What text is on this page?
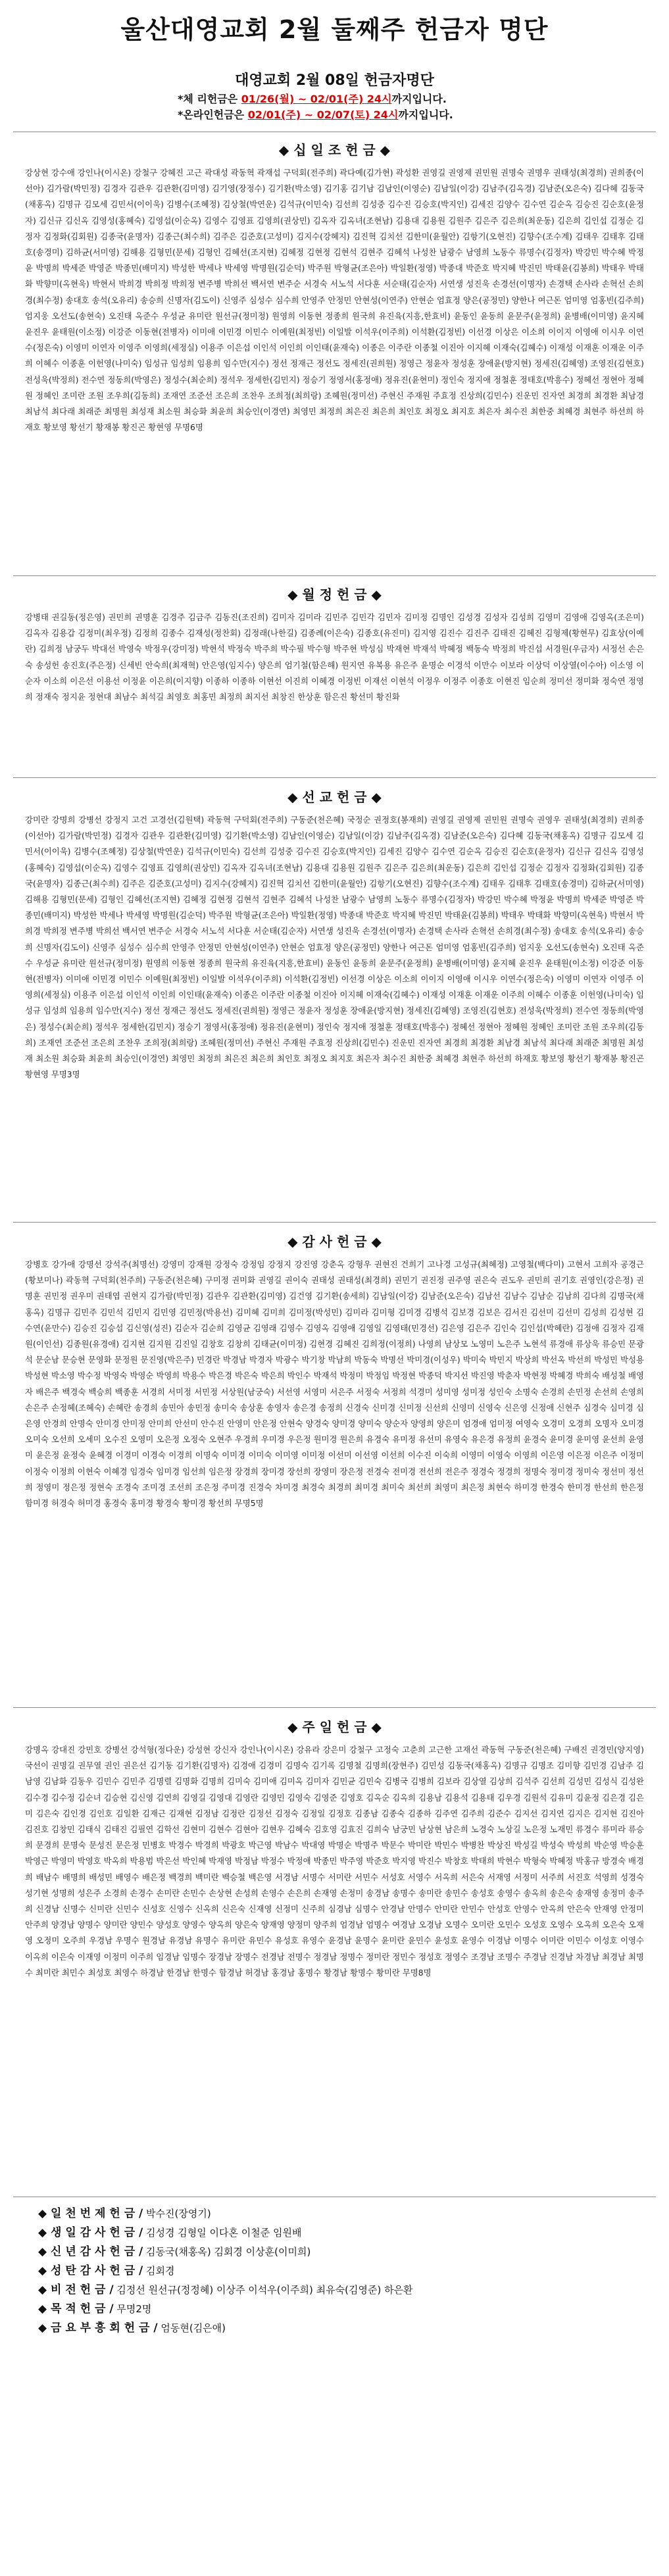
울산대영교회 2월 둘째주 헌금자 명단
대영교회 2월 08일 헌금자명단
*체 리헌금은 01/26(월) ~ 02/01(주) 24시까지입니다.
*온라인헌금은 02/01(주) ~ 02/07(토) 24시까지입니다.
◆ 십 일 조 헌 금 ◆
강상현 강수애 강인나(이시온) 강철구 강혜진 고근 곽대성 곽동혁 곽재섭 구덕회(전주희) 곽다예(김가현) 곽성환 권영길 권영제 권민원 권명숙 권명우 권태성(최경희) 권희종(이선아) 김가람(박민정) 김경자 김관우 김관환(김미영) 김기영(장정수) 김기환(박소영) 김기홍 김기남 김남인(이영순) 김남일(이강) 김남주(김옥경) 김남준(오은숙) 김다혜 김동국(채홍옥) 김명규 김모세 김민서(이이욱) 김병수(조혜정) 김상철(박연운) 김석규(이민숙) 김선희 김성중 김수진 김승호(박지인) 김세진 김양수 김수연 김순옥 김승진 김순호(윤정자) 김신규 김신옥 김영성(홍혜숙) 김영섭(이순옥) 김영수 김영표 김영희(권상민) 김옥자 김옥녀(조현남) 김용대 김용원 김원주 김은주 김은희(최운동) 김은희 김인섭 김정순 김정자 김정화(김회원) 김종국(윤명자) 김종근(최수희) 김주은 김준호(고성미) 김지수(강혜지) 김진혁 김치선 김한미(윤월안) 김항기(오현진) 김향수(조수계) 김태우 김태후 김태호(송경미) 김하균(서미영) 김해용 김형민(문세) 김형인 김혜선(조지현) 김혜정 김현정 김현석 김현주 김혜석 나성찬 남광수 남영희 노동수 류명수(김정자) 박강민 박수혜 박정윤 박명희 박세준 박영준 박종민(배미지) 박성한 박세나 박세영 박명원(김순덕) 박주원 박형균(조은아) 박일환(정영) 박종대 박준호 박지혜 박진민 박태윤(김봉희) 박태우 박태화 박향미(옥현욱) 박현서 박희경 박희정 박희정 변주병 박희선 백서연 변주순 서경숙 서노석 서다훈 서순태(김순자) 서연생 성진욱 손경선(이명자) 손경택 손사라 손혁선 손희경(최수정) 송대호 송석(오유리) 송승희 신명자(김도이) 신영주 심성수 심수희 안영주 안정민 안현성(이연주) 안현순 엄효정 양은(공정민) 양한나 여근돈 엄미영 엄홍빈(김주희) 엄지웅 오선도(송현숙) 오진태 옥준수 우성균 유미란 원선규(정미정) 원영희 이동현 정종희 원국희 유진육(지흥,한효비) 윤동인 윤동희 윤문주(윤정희) 윤병배(이미영) 윤지혜 윤진우 윤태원(이소정) 이강준 이동현(전병자) 이미애 이민경 이민수 이예원(최정빈) 이일발 이석우(이주희) 이석환(김정빈) 이선경 이상은 이소희 이이지 이영애 이시우 이연수(정은숙) 이영미 이연자 이영주 이영희(세정실) 이용주 이은섭 이인석 이인희 이인태(윤재숙) 이종은 이주란 이종철 이진아 이지혜 이재숙(김혜수) 이재성 이재훈 이재운 이주희 이혜수 이종훈 이헌영(나미숙) 임성규 임성희 임용희 임수만(지수) 정선 정재근 정선도 정세진(권희원) 정영근 정윤자 정성훈 장애윤(방지현) 정세진(김혜영) 조영진(김현호) 전성욱(박정희) 전수연 정동희(박영은) 정성수(최순희) 정석우 정세한(김민지) 정승기 정영서(홍정애) 정유진(윤현미) 정인숙 정지애 정철훈 정태호(박흥수) 정혜선 정현아 정혜원 정혜인 조미란 조원 조우희(김동희) 조재연 조준선 조은희 조찬우 조희정(최희랑) 조혜원(정미선) 주현신 주재원 주효정 진상희(김민수) 진운민 진자연 최경희 최경환 최남경 최남석 최다래 최래준 최명원 최성재 최소원 최승화 최윤희 최승인(이경연) 최영민 최정희 최은진 최은희 최인호 최정오 최지호 최은자 최수진 최한중 최혜경 최현주 하선희 하재호 황보영 황선기 황재봉 황진곤 황현영 무명6명
◆ 월 정 헌 금 ◆
강병태 권길동(정은영) 권민희 권명훈 김경주 김금주 김동진(조진희) 김미자 김미라 김민주 김민각 김민자 김미정 김명인 김성경 김성자 김성희 김영미 김영애 김영옥(조은미) 김옥자 김용갑 김정미(최우정) 김정희 김종수 김재성(정찬회) 김정래(나한길) 김종례(이은숙) 김종호(유진미) 김지영 김진수 김진주 김태진 김혜진 김형제(황현무) 김효상(이예란) 김희정 남궁두 박대선 박영숙 박정우(강미정) 박현석 박정숙 박주희 박수필 박수형 박주현 박성심 박재현 박재석 박혜정 백동숙 박정희 박진섭 서경원(우금자) 서정선 손은숙 송성헌 송진호(주은정) 신세빈 안숙희(최재혁) 안은영(임지수) 양은희 엄기철(함은해) 원지연 유복용 유은주 윤명순 이경석 이만수 이보라 이상덕 이상열(이수아) 이소영 이순자 이소희 이은선 이용선 이정윤 이은희(이지향) 이종하 이종하 이현선 이진희 이혜경 이정빈 이재선 이현석 이정우 이정주 이종호 이현진 임순희 정미선 정미화 정숙연 정영희 정재숙 정지윤 정현대 최남수 최석길 최영호 최홍민 최정희 최지선 최창진 한상훈 함은진 황선미 황진화
◆ 선 교 헌 금 ◆
강미란 강명희 강병선 강정지 고건 고경선(김원택) 곽동혁 구덕회(전주희) 구동준(천은혜) 국정순 권정호(봉재희) 권영길 권영제 권민원 권명숙 권영우 권태성(최경희) 권희종(이선아) 김가람(박민정) 김경자 김관우 김관환(김미영) 김기환(박소영) 김남인(이영순) 김남일(이강) 김남주(김옥경) 김남준(오은숙) 김다혜 김동국(채홍옥) 김명규 김모세 김민서(이이욱) 김병수(조혜정) 김상철(박연운) 김석규(이민숙) 김선희 김성중 김수진 김승호(박지인) 김세진 김양수 김수연 김순옥 김승진 김순호(윤정자) 김신규 김신옥 김영성(홍혜숙) 김영섭(이순옥) 김영수 김영표 김영희(권상민) 김옥자 김옥녀(조현남) 김용대 김용원 김원주 김은주 김은희(최운동) 김은희 김인섭 김정순 김정자 김정화(김회원) 김종국(윤명자) 김종근(최수희) 김주은 김준호(고성미) 김지수(강혜지) 김진혁 김치선 김한미(윤월안) 김항기(오현진) 김향수(조수계) 김태우 김태후 김태호(송경미) 김하균(서미영) 김해용 김형민(문세) 김형인 김혜선(조지현) 김혜정 김현정 김현석 김현주 김혜석 나성찬 남광수 남영희 노동수 류명수(김정자) 박강민 박수혜 박정윤 박명희 박세준 박영준 박종민(배미지) 박성한 박세나 박세영 박명원(김순덕) 박주원 박형균(조은아) 박일환(정영) 박종대 박준호 박지혜 박진민 박태윤(김봉희) 박태우 박태화 박향미(옥현욱) 박현서 박희경 박희정 변주병 박희선 백서연 변주순 서경숙 서노석 서다훈 서순태(김순자) 서연생 성진욱 손경선(이명자) 손경택 손사라 손혁선 손희경(최수정) 송대호 송석(오유리) 송승희 신명자(김도이) 신영주 심성수 심수희 안영주 안정민 안현성(이연주) 안현순 엄효정 양은(공정민) 양한나 여근돈 엄미영 엄홍빈(김주희) 엄지웅 오선도(송현숙) 오진태 옥준수 우성균 유미란 원선규(정미정) 원영희 이동현 정종희 원국희 유진육(지흥,한효비) 윤동인 윤동희 윤문주(윤정희) 윤병배(이미영) 윤지혜 윤진우 윤태원(이소정) 이강준 이동현(전병자) 이미애 이민경 이민수 이예원(최정빈) 이일발 이석우(이주희) 이석환(김정빈) 이선경 이상은 이소희 이이지 이영애 이시우 이연수(정은숙) 이영미 이연자 이영주 이영희(세정실) 이용주 이은섭 이인석 이인희 이인태(윤재숙) 이종은 이주란 이종철 이진아 이지혜 이재숙(김혜수) 이재성 이재훈 이재운 이주희 이혜수 이종훈 이헌영(나미숙) 임성규 임성희 임용희 임수만(지수) 정선 정재근 정선도 정세진(권희원) 정영근 정윤자 정성훈 장애윤(방지현) 정세진(김혜영) 조영진(김현호) 전성욱(박정희) 전수연 정동희(박영은) 정성수(최순희) 정석우 정세한(김민지) 정승기 정영서(홍정애) 정유진(윤현미) 정인숙 정지애 정철훈 정태호(박흥수) 정혜선 정현아 정혜원 정혜인 조미란 조원 조우희(김동희) 조재연 조준선 조은희 조찬우 조희정(최희랑) 조혜원(정미선) 주현신 주재원 주효정 진상희(김민수) 진운민 진자연 최경희 최경환 최남경 최남석 최다래 최래준 최명원 최성재 최소원 최승화 최윤희 최승인(이경연) 최영민 최정희 최은진 최은희 최인호 최정오 최지호 최은자 최수진 최한중 최혜경 최현주 하선희 하재호 황보영 황선기 황재봉 황진곤 황현영 무명3명
◆ 감 사 헌 금 ◆
강병호 강가애 강명선 강석주(최명선) 강영미 강재원 강정숙 강정임 강정지 강진영 강춘옥 강형우 권현진 건희기 고나경 고성규(최혜정) 고영철(백다미) 고현서 고희자 공경근(황보미나) 곽동혁 구덕회(천주희) 구동준(천은혜) 구미정 권미화 권영길 권이숙 권태성 권태성(최경희) 권민기 권진정 권주영 권은숙 권도우 권민희 권기호 권영인(강은정) 권명훈 권민정 권우미 권태엽 권현지 김가람(박민정) 김관우 김관환(김미영) 김건영 김기환(송세희) 김남일(이강) 김남준(오은숙) 김남선 김남수 김남순 김남희 김다희 김명국(채홍옥) 김명규 김민주 김민석 김민지 김민영 김민정(박용선) 김미혜 김미희 김미정(박성민) 김미라 김미형 김미경 김병석 김보경 김보은 김서진 김선미 김선미 김성희 김성현 김수연(윤만수) 김승진 김승섭 김신영(성진) 김순자 김순희 김영균 김영래 김영수 김영옥 김영애 김영일 김영태(민경선) 김은영 김은주 김인숙 김인섭(박혜란) 김정애 김정자 김재원(이인선) 김종원(유경애) 김지현 김지원 김진일 김창호 김창희 김태균(이미정) 김현경 김혜진 김희정(이정희) 나영희 남상모 노영미 노은주 노현석 류경애 류상욱 류승민 문광석 문순남 문승현 문영화 문정원 문진영(박은주) 민경란 박경남 박경자 박광수 박기창 박남희 박동숙 박명선 박미경(이성우) 박미숙 박민지 박상희 박선옥 박선희 박성민 박성용 박성현 박소영 박수정 박영숙 박영순 박영희 박용수 박은경 박은숙 박은희 박인수 박재석 박정미 박정임 박정현 박종덕 박지선 박진영 박춘자 박현정 박혜경 박희숙 배성철 배영자 배은주 백경숙 백승희 백종훈 서경희 서미정 서민정 서상원(남궁숙) 서선영 서영미 서은주 서정숙 서정희 석경미 성미영 성미정 성인숙 소명숙 손경희 손민정 손선희 손영희 손은주 손정혜(조혜숙) 손혜란 송경희 송민아 송민정 송미숙 송상훈 송영자 송은경 송정희 신경숙 신미경 신미정 신선희 신영미 신영숙 신은영 신정애 신현주 심경숙 심미경 심은영 안경희 안명숙 안미경 안미정 안미희 안선미 안수진 안영미 안은정 안현숙 양경숙 양미경 양미숙 양순자 양영희 양은미 엄경애 엄미정 여영숙 오경미 오경희 오명자 오미경 오미숙 오선희 오세미 오수진 오영미 오은정 오정숙 오현주 우경희 우미경 우은정 원미경 원은희 유경숙 유미정 유선미 유영숙 유은경 유정희 윤경숙 윤미경 윤미영 윤선희 윤영미 윤은정 윤정숙 윤혜경 이경미 이경숙 이경희 이명숙 이미경 이미숙 이미영 이미정 이선미 이선영 이선희 이수진 이숙희 이영미 이영숙 이영희 이은영 이은정 이은주 이정미 이정숙 이정희 이현숙 이혜경 임경숙 임미경 임선희 임은정 장경희 장미경 장선희 장영미 장은정 전경숙 전미경 전선희 전은주 정경숙 정경희 정명숙 정미경 정미숙 정선미 정선희 정영미 정은정 정현숙 조경숙 조미경 조선희 조은정 주미경 진경숙 차미경 최경숙 최경희 최미경 최미숙 최선희 최영미 최은정 최현숙 하미경 한경숙 한미경 한선희 한은정 함미경 허경숙 허미경 홍경숙 홍미경 황경숙 황미경 황선희 무명5명
◆ 주 일 헌 금 ◆
강명옥 강대진 강민호 강병선 강석형(정다운) 강성현 강신자 강인나(이시온) 강유라 강은미 강철구 고정숙 고춘희 고근한 고재선 곽동혁 구동준(천은혜) 구배진 권경민(양지영) 국선이 권명길 권무열 권인 권은선 김기동 김기환(김명자) 김경애 김경미 김명숙 김기록 김명철 김명희(장현주) 김민성 김동국(채홍옥) 김명규 김명조 김미향 김민경 김남주 김남영 김남화 김동우 김민수 김민주 김명렬 김명화 김명희 김미숙 김미애 김미옥 김미자 김민균 김민숙 김병국 김병희 김보라 김상열 김상희 김석주 김선희 김성민 김성식 김성완 김수경 김수정 김순녀 김승현 김신영 김연희 김영길 김영대 김영란 김영민 김영숙 김영준 김영호 김옥순 김옥희 김용남 김용석 김용태 김우경 김원석 김유미 김윤정 김은경 김은미 김은숙 김인경 김인호 김일환 김재근 김재현 김정남 김정란 김정선 김정숙 김정일 김정호 김종남 김종숙 김종하 김주연 김주희 김준수 김지선 김지연 김지은 김지현 김진아 김진호 김창민 김태식 김태진 김필연 김학선 김현미 김현수 김현아 김현우 김혜숙 김호영 김효진 김희숙 남궁민 남상현 남은희 노경숙 노상길 노은정 노재민 류경수 류미라 류승희 문경희 문명숙 문성진 문은정 민병호 박경수 박경희 박광호 박근영 박남수 박대영 박명순 박명주 박문수 박미란 박민수 박병찬 박상진 박성길 박성숙 박성희 박순영 박승훈 박영근 박영미 박영호 박옥희 박용범 박은선 박인혜 박재영 박정남 박정수 박정애 박종민 박주영 박준호 박지영 박진수 박창호 박태희 박현수 박형숙 박혜정 박홍규 방경숙 배경희 배남수 배명희 배성민 배영수 배은정 백경희 백미란 백승철 백은영 서경남 서명수 서미란 서민수 서성호 서영수 서옥희 서은숙 서재영 서정미 서주희 서진호 석영희 성경숙 성기현 성명희 성은주 소경희 손경수 손미란 손민수 손상현 손성희 손영수 손은희 손재영 손정미 송경남 송명수 송미란 송민수 송성호 송영수 송옥희 송은숙 송재영 송정미 송주희 신경남 신명수 신미란 신민수 신성호 신영수 신옥희 신은숙 신재영 신정미 신주희 심경남 심명수 안경남 안명수 안미란 안민수 안성호 안영수 안옥희 안은숙 안재영 안정미 안주희 양경남 양명수 양미란 양민수 양성호 양영수 양옥희 양은숙 양재영 양정미 양주희 엄경남 엄명수 여경남 오경남 오명수 오미란 오민수 오성호 오영수 오옥희 오은숙 오재영 오정미 오주희 우경남 우명수 원경남 유경남 유명수 유미란 유민수 유성호 유영수 윤경남 윤명수 윤미란 윤민수 윤성호 윤영수 이경남 이명수 이미란 이민수 이성호 이영수 이옥희 이은숙 이재영 이정미 이주희 임경남 임명수 장경남 장명수 전경남 전명수 정경남 정명수 정미란 정민수 정성호 정영수 조경남 조명수 주경남 진경남 차경남 최경남 최명수 최미란 최민수 최성호 최영수 하경남 한경남 한명수 함경남 허경남 홍경남 홍명수 황경남 황명수 황미란 무명8명
◆ 일 천 번 제 헌 금 / 박수진(장영기)
◆ 생 일 감 사 헌 금 / 김성경 김형일 이다혼 이철준 임원배
◆ 신 년 감 사 헌 금 / 김동국(채홍옥) 김회경 이상훈(이미희)
◆ 성 탄 감 사 헌 금 / 김회경
◆ 비 전 헌 금 / 김정선 원선규(정정혜) 이상주 이석우(이주희) 최유숙(김영준) 하은환
◆ 목 적 헌 금 / 무명2명
◆ 금 요 부 흥 회 헌 금 / 엄동현(김은애)
